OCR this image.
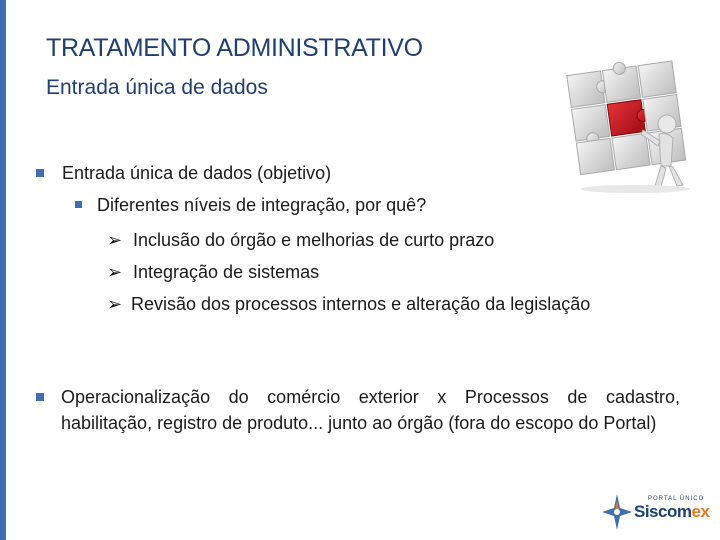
TRATAMENTO ADMINISTRATIVO
Entrada única de dados
Entrada única de dados (objetivo)
Diferentes níveis de integração, por quê?
➢ Inclusão do órgão e melhorias de curto prazo
➢ Integração de sistemas
➢ Revisão dos processos internos e alteração da legislação
Operacionalização do comércio exterior x Processos de cadastro, habilitação, registro de produto... junto ao órgão (fora do escopo do Portal)
PORTAL ÚNICO
Siscomex
